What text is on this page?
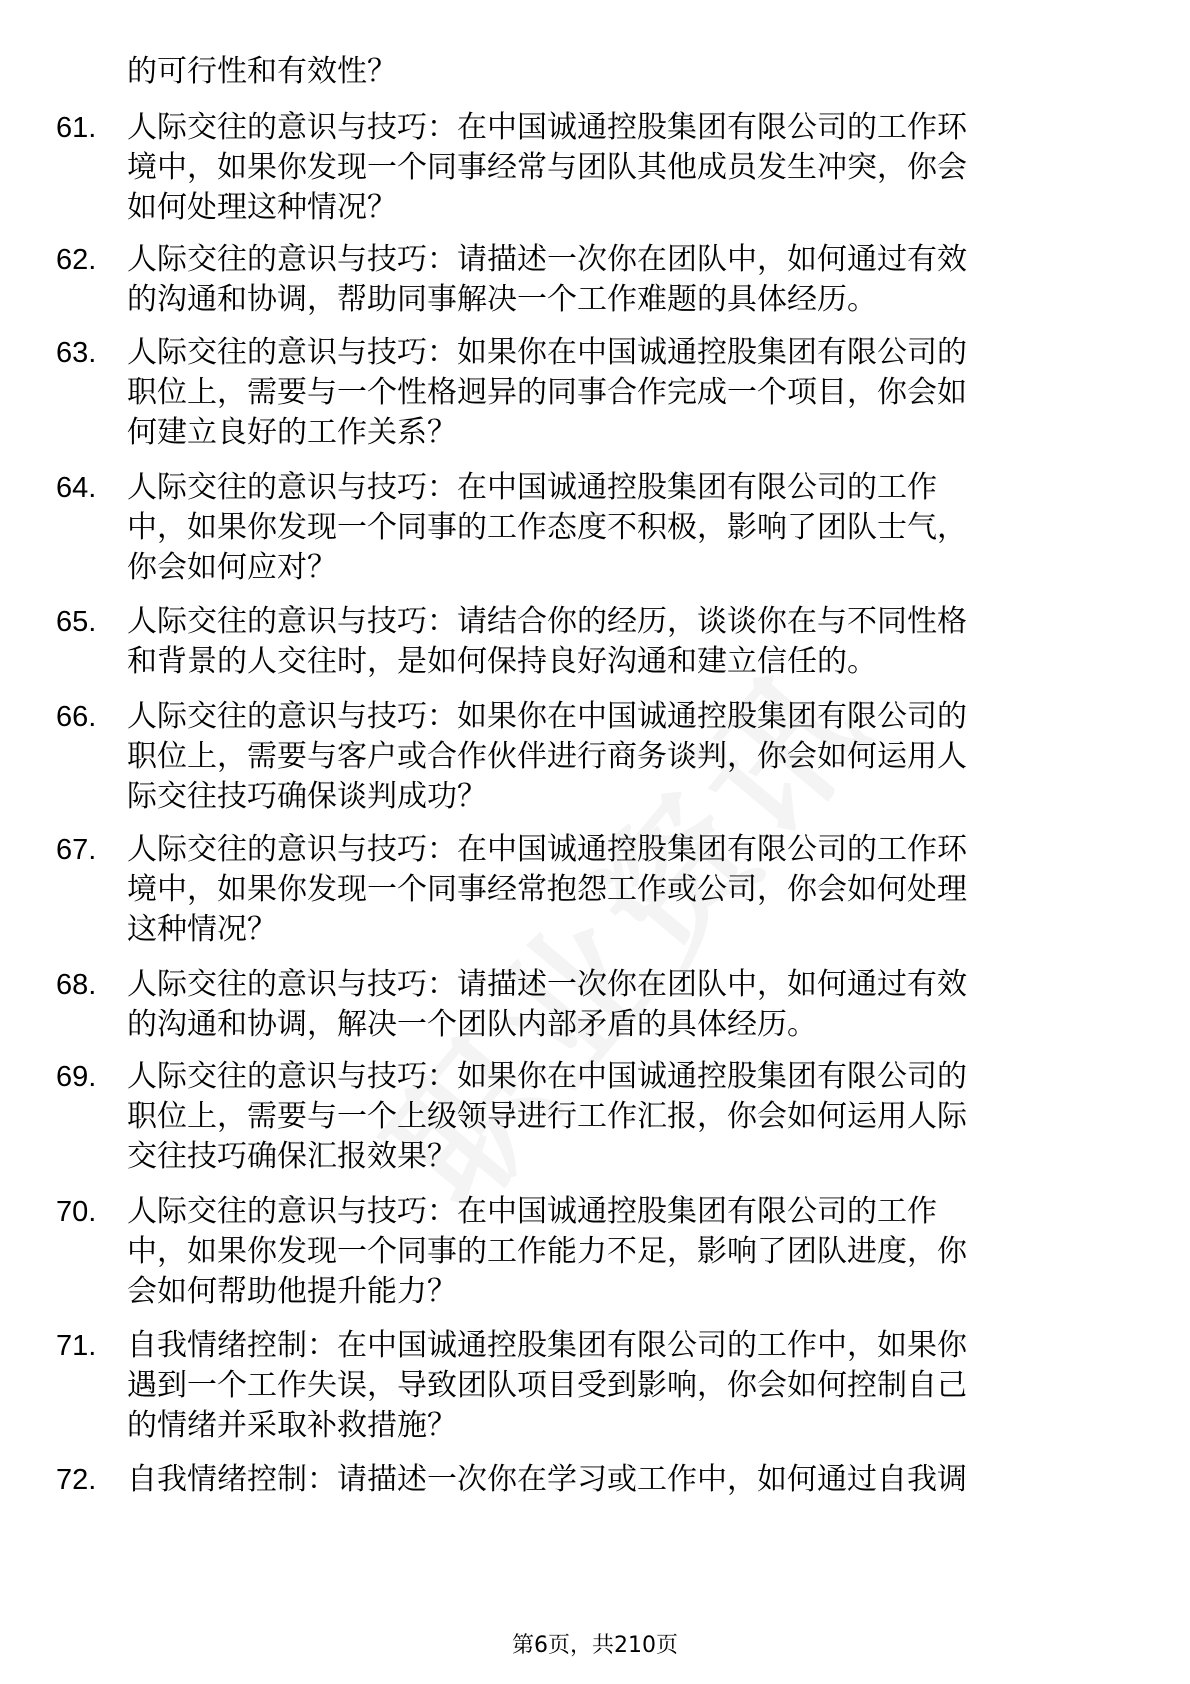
的可行性和有效性？
61. 人际交往的意识与技巧：在中国诚通控股集团有限公司的工作环
境中，如果你发现一个同事经常与团队其他成员发生冲突，你会
如何处理这种情况？
62. 人际交往的意识与技巧：请描述一次你在团队中，如何通过有效
的沟通和协调，帮助同事解决一个工作难题的具体经历。
63. 人际交往的意识与技巧：如果你在中国诚通控股集团有限公司的
职位上，需要与一个性格迥异的同事合作完成一个项目，你会如
何建立良好的工作关系？
64. 人际交往的意识与技巧：在中国诚通控股集团有限公司的工作
中，如果你发现一个同事的工作态度不积极，影响了团队士气，
你会如何应对？
65. 人际交往的意识与技巧：请结合你的经历，谈谈你在与不同性格
和背景的人交往时，是如何保持良好沟通和建立信任的。
66. 人际交往的意识与技巧：如果你在中国诚通控股集团有限公司的
职位上，需要与客户或合作伙伴进行商务谈判，你会如何运用人
际交往技巧确保谈判成功？
67. 人际交往的意识与技巧：在中国诚通控股集团有限公司的工作环
境中，如果你发现一个同事经常抱怨工作或公司，你会如何处理
这种情况？
68. 人际交往的意识与技巧：请描述一次你在团队中，如何通过有效
的沟通和协调，解决一个团队内部矛盾的具体经历。
69. 人际交往的意识与技巧：如果你在中国诚通控股集团有限公司的
职位上，需要与一个上级领导进行工作汇报，你会如何运用人际
交往技巧确保汇报效果？
70. 人际交往的意识与技巧：在中国诚通控股集团有限公司的工作
中，如果你发现一个同事的工作能力不足，影响了团队进度，你
会如何帮助他提升能力？
71. 自我情绪控制：在中国诚通控股集团有限公司的工作中，如果你
遇到一个工作失误，导致团队项目受到影响，你会如何控制自己
的情绪并采取补救措施？
72. 自我情绪控制：请描述一次你在学习或工作中，如何通过自我调
第6页，共210页
